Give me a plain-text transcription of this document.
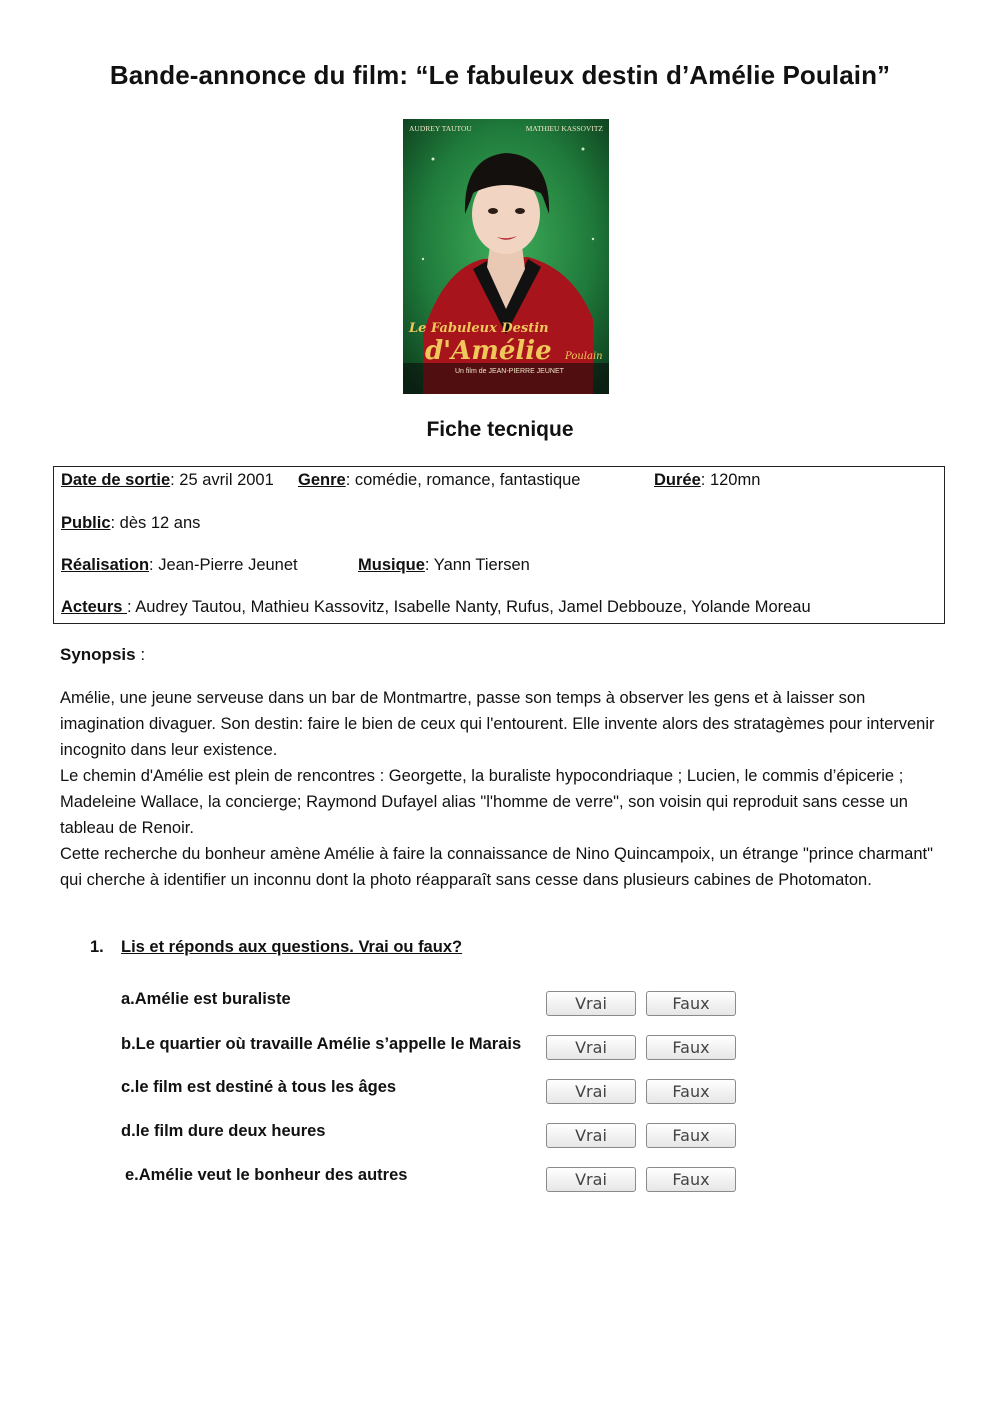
Bande-annonce du film: “Le fabuleux destin d’Amélie Poulain”
AUDREY TAUTOU	MATHIEU KASSOVITZ
Le Fabuleux Destin
d'Amélie Poulain
Un film de JEAN-PIERRE JEUNET
Fiche tecnique
Date de sortie: 25 avril 2001 Genre: comédie, romance, fantastique	Durée: 120mn
Public: dès 12 ans
Réalisation: Jean-Pierre Jeunet	Musique: Yann Tiersen
Acteurs : Audrey Tautou, Mathieu Kassovitz, Isabelle Nanty, Rufus, Jamel Debbouze, Yolande Moreau
Synopsis :

Amélie, une jeune serveuse dans un bar de Montmartre, passe son temps à observer les gens et à laisser son imagination divaguer. Son destin: faire le bien de ceux qui l'entourent. Elle invente alors des stratagèmes pour intervenir incognito dans leur existence.

Le chemin d'Amélie est plein de rencontres : Georgette, la buraliste hypocondriaque ; Lucien, le commis d’épicerie ; Madeleine Wallace, la concierge; Raymond Dufayel alias "l'homme de verre", son voisin qui reproduit sans cesse un tableau de Renoir.

Cette recherche du bonheur amène Amélie à faire la connaissance de Nino Quincampoix, un étrange "prince charmant" qui cherche à identifier un inconnu dont la photo réapparaît sans cesse dans plusieurs cabines de Photomaton.

1. Lis et réponds aux questions. Vrai ou faux?
a.Amélie est buraliste	Vrai	Faux
b.Le quartier où travaille Amélie s’appelle le Marais	Vrai	Faux
c.le film est destiné à tous les âges	Vrai	Faux
d.le film dure deux heures	Vrai	Faux
e.Amélie veut le bonheur des autres	Vrai	Faux
